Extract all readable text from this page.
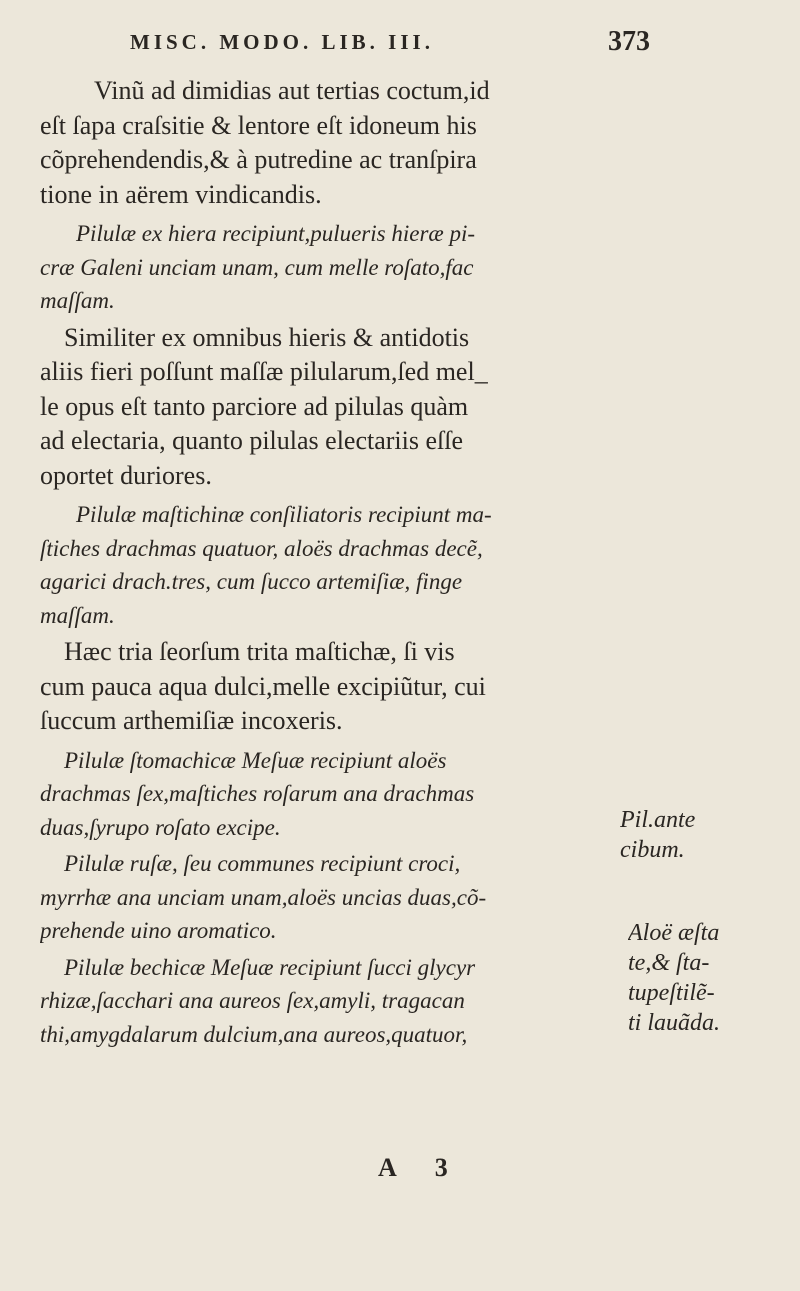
MISC. MODO. LIB. III.	373
Vinũ ad dimidias aut tertias coctum,id
eſt ſapa craſsitie & lentore eſt idoneum his
cõprehendendis,& à putredine ac tranſpira
tione in aërem vindicandis.
Pilulæ ex hiera recipiunt,pulueris hieræ pi-
cræ Galeni unciam unam, cum melle roſato,fac
maſſam.
Similiter ex omnibus hieris & antidotis
aliis fieri poſſunt maſſæ pilularum,ſed mel_
le opus eſt tanto parciore ad pilulas quàm
ad electaria, quanto pilulas electariis eſſe
oportet duriores.
Pilulæ maſtichinæ conſiliatoris recipiunt ma-
ſtiches drachmas quatuor, aloës drachmas decẽ,
agarici drach.tres, cum ſucco artemiſiæ, finge
maſſam.
Hæc tria ſeorſum trita maſtichæ, ſi vis
cum pauca aqua dulci,melle excipiũtur, cui
ſuccum arthemiſiæ incoxeris.
Pilulæ ſtomachicæ Meſuæ recipiunt aloës
drachmas ſex,maſtiches roſarum ana drachmas
duas,ſyrupo roſato excipe.
Pilulæ ruſæ, ſeu communes recipiunt croci,
myrrhæ ana unciam unam,aloës uncias duas,cõ-
prehende uino aromatico.
Pilulæ bechicæ Meſuæ recipiunt ſucci glycyr
rhizæ,ſacchari ana aureos ſex,amyli, tragacan
thi,amygdalarum dulcium,ana aureos,quatuor,
Pil.ante
cibum.
Aloë æſta
te,& ſta-
tupeſtilẽ-
ti lauãda.
A 3
